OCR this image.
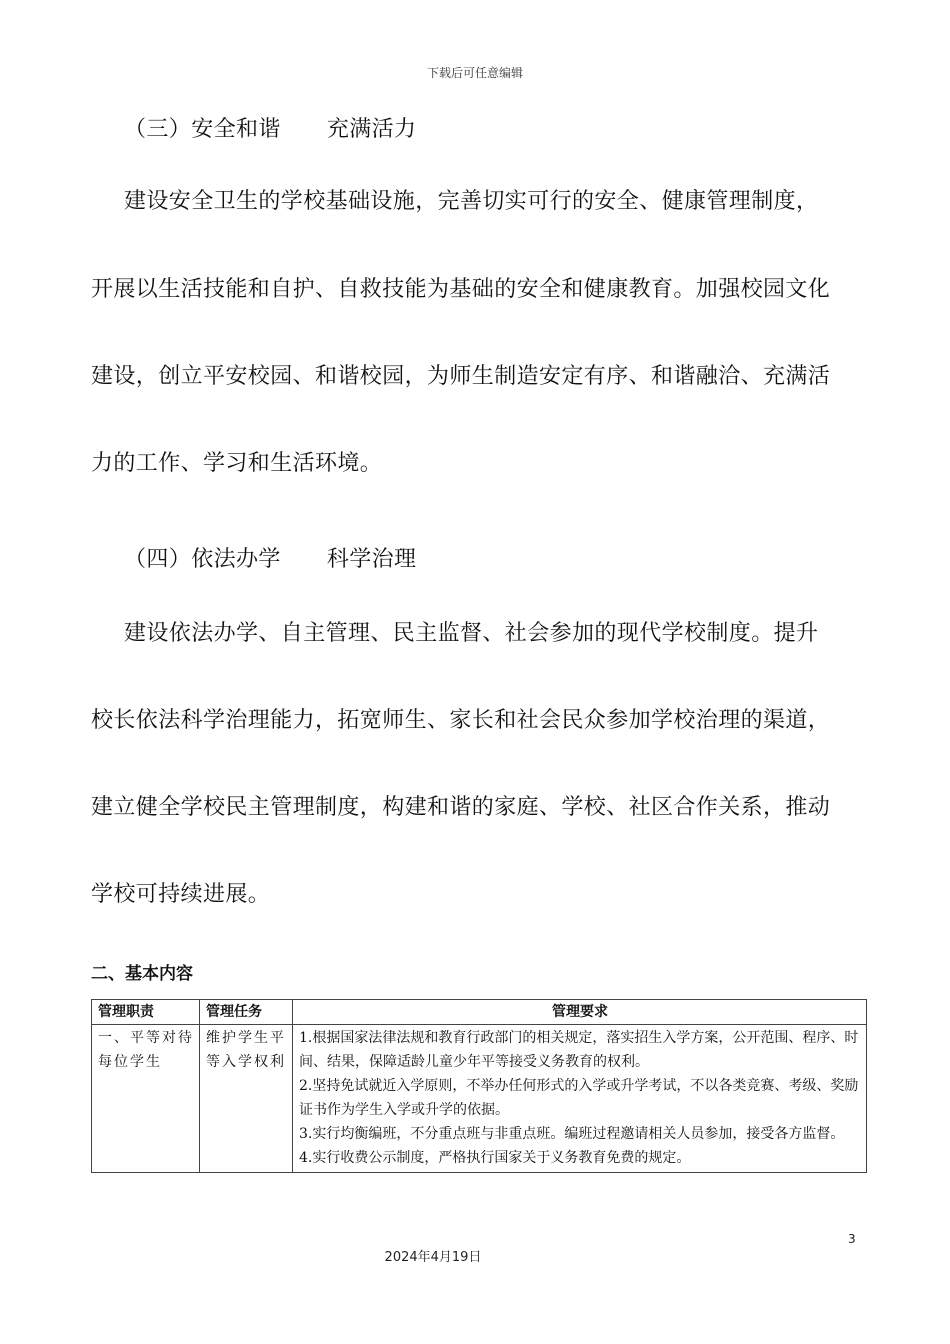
下载后可任意编辑
（三）安全和谐 充满活力
建设安全卫生的学校基础设施，完善切实可行的安全、健康管理制度，
开展以生活技能和自护、自救技能为基础的安全和健康教育。加强校园文化
建设，创立平安校园、和谐校园，为师生制造安定有序、和谐融洽、充满活
力的工作、学习和生活环境。
（四）依法办学 科学治理
建设依法办学、自主管理、民主监督、社会参加的现代学校制度。提升
校长依法科学治理能力，拓宽师生、家长和社会民众参加学校治理的渠道，
建立健全学校民主管理制度，构建和谐的家庭、学校、社区合作关系，推动
学校可持续进展。
二、基本内容
管理职责	管理任务	管理要求
一、平等对待每位学生	维护学生平等入学权利	1.根据国家法律法规和教育行政部门的相关规定，落实招生入学方案，公开范围、程序、时间、结果，保障适龄儿童少年平等接受义务教育的权利。
2.坚持免试就近入学原则，不举办任何形式的入学或升学考试，不以各类竞赛、考级、奖励证书作为学生入学或升学的依据。
3.实行均衡编班，不分重点班与非重点班。编班过程邀请相关人员参加，接受各方监督。
4.实行收费公示制度，严格执行国家关于义务教育免费的规定。
3
2024年4月19日
